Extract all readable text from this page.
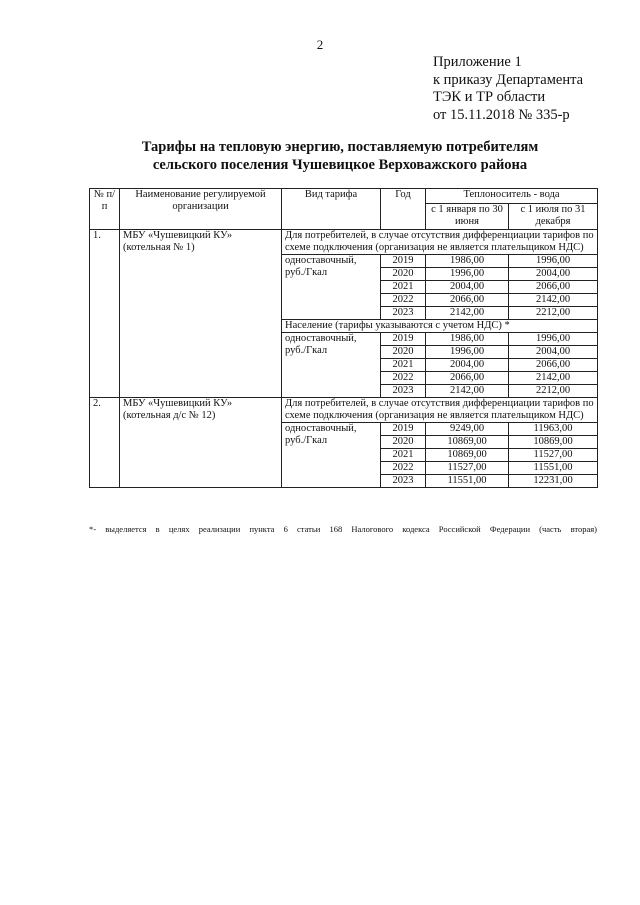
2
Приложение 1
к приказу Департамента
ТЭК и ТР области
от 15.11.2018 № 335-р
Тарифы на тепловую энергию, поставляемую потребителям
сельского поселения Чушевицкое Верховажского района
№ п/п	Наименование регулируемой организации	Вид тарифа	Год	Теплоноситель - вода	
				с 1 января по 30 июня	с 1 июля по 31 декабря
1.	МБУ «Чушевицкий КУ» (котельная № 1)	Для потребителей, в случае отсутствия дифференциации тарифов по схеме подключения (организация не является плательщиком НДС)			
		одноставочный, руб./Гкал	2019	1986,00	1996,00
			2020	1996,00	2004,00
			2021	2004,00	2066,00
			2022	2066,00	2142,00
			2023	2142,00	2212,00
		Население (тарифы указываются с учетом НДС) *			
		одноставочный, руб./Гкал	2019	1986,00	1996,00
			2020	1996,00	2004,00
			2021	2004,00	2066,00
			2022	2066,00	2142,00
			2023	2142,00	2212,00
2.	МБУ «Чушевицкий КУ» (котельная д/с № 12)	Для потребителей, в случае отсутствия дифференциации тарифов по схеме подключения (организация не является плательщиком НДС)			
		одноставочный, руб./Гкал	2019	9249,00	11963,00
			2020	10869,00	10869,00
			2021	10869,00	11527,00
			2022	11527,00	11551,00
			2023	11551,00	12231,00
*- выделяется в целях реализации пункта 6 статьи 168 Налогового кодекса Российской Федерации (часть вторая)
